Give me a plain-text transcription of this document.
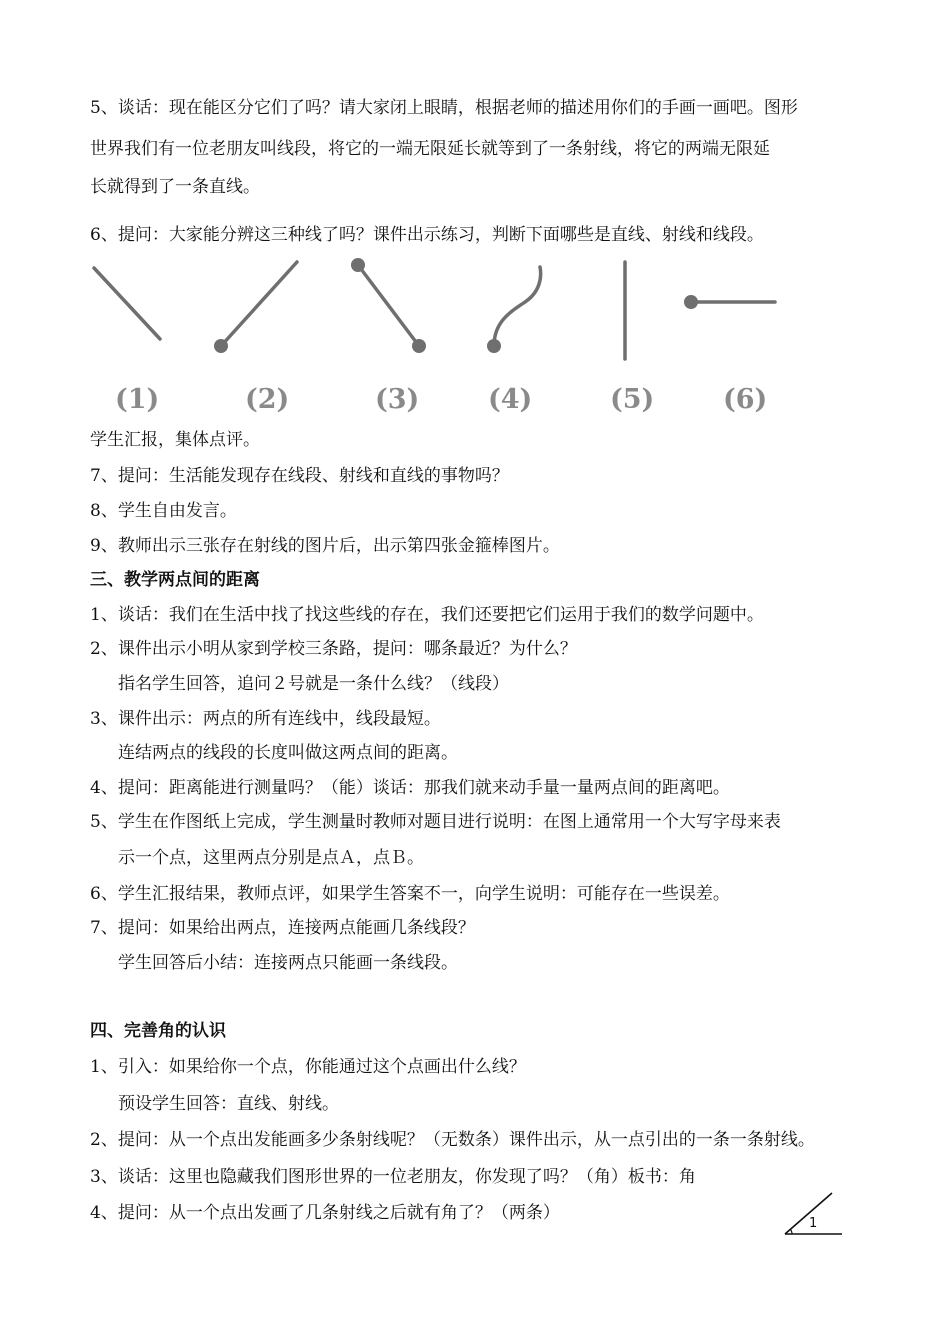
5、谈话：现在能区分它们了吗？请大家闭上眼睛，根据老师的描述用你们的手画一画吧。图形
世界我们有一位老朋友叫线段，将它的一端无限延长就等到了一条射线，将它的两端无限延
长就得到了一条直线。
6、提问：大家能分辨这三种线了吗？课件出示练习，判断下面哪些是直线、射线和线段。
学生汇报，集体点评。
7、提问：生活能发现存在线段、射线和直线的事物吗？
8、学生自由发言。
9、教师出示三张存在射线的图片后，出示第四张金箍棒图片。
三、教学两点间的距离
1、谈话：我们在生活中找了找这些线的存在，我们还要把它们运用于我们的数学问题中。
2、课件出示小明从家到学校三条路，提问：哪条最近？为什么？
指名学生回答，追问２号就是一条什么线？（线段）
3、课件出示：两点的所有连线中，线段最短。
连结两点的线段的长度叫做这两点间的距离。
4、提问：距离能进行测量吗？（能）谈话：那我们就来动手量一量两点间的距离吧。
5、学生在作图纸上完成，学生测量时教师对题目进行说明：在图上通常用一个大写字母来表
示一个点，这里两点分别是点Ａ，点Ｂ。
6、学生汇报结果，教师点评，如果学生答案不一，向学生说明：可能存在一些误差。
7、提问：如果给出两点，连接两点能画几条线段？
学生回答后小结：连接两点只能画一条线段。
四、完善角的认识
1、引入：如果给你一个点，你能通过这个点画出什么线？
预设学生回答：直线、射线。
2、提问：从一个点出发能画多少条射线呢？（无数条）课件出示，从一点引出的一条一条射线。
3、谈话：这里也隐藏我们图形世界的一位老朋友，你发现了吗？（角）板书：角
4、提问：从一个点出发画了几条射线之后就有角了？（两条）
(1)	(2)	(3)	(4)	(5)	(6)
1
